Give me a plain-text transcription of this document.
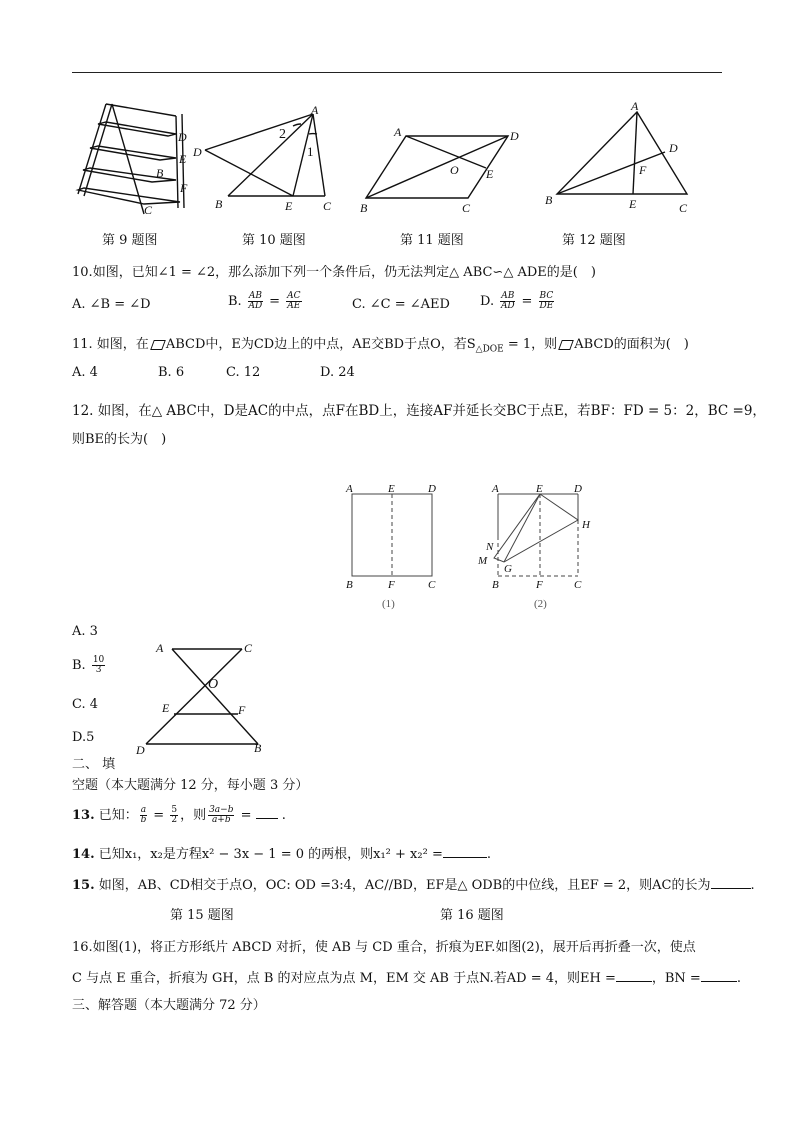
D
E
B
F
C
第 9 题图
A
2
1
D
B	E	C
第 10 题图
A	D
O E
B	C
第 11 题图
A
D
F
B	E	C
第 12 题图
10.如图，已知∠1 = ∠2，那么添加下列一个条件后，仍无法判定△ ABC∽△ ADE的是(　)
A. ∠B = ∠D	B. $\frac{AB}{AD} = \frac{AC}{AE}$	C. ∠C = ∠AED D. $\frac{AB}{AD} = \frac{BC}{DE}$
11. 如图，在 ABCD中，E为CD边上的中点，AE交BD于点O，若$S_{\triangle DOE} = 1$，则 ABCD的面积为(　)
A. 4	B. 6	C. 12	D. 24
12. 如图，在△ ABC中，D是AC的中点，点F在BD上，连接AF并延长交BC于点E，若BF：FD = 5：2，BC =9，
则BE的长为(　)
A	E	D
B	F	C
(1)
A	E	D
H
N
M
G
B	F	C
(2)
A. 3
B. $\frac{10}{3}$
C. 4
D.5
A	C
O
E	F
D	B
二、 填
空题（本大题满分 12 分，每小题 3 分）
13. 已知： $\frac{a}{b} = \frac{5}{2}$ ，则 $\frac{3a-b}{a+b}$ =  .
14. 已知x₁，x₂是方程x² − 3x − 1 = 0 的两根，则x₁² + x₂² =	.
15. 如图，AB、CD相交于点O，OC: OD =3:4，AC//BD，EF是△ ODB的中位线，且EF = 2，则AC的长为	.
第 15 题图	第 16 题图
16.如图(1)，将正方形纸片 ABCD 对折，使 AB 与 CD 重合，折痕为EF.如图(2)，展开后再折叠一次，使点
C 与点 E 重合，折痕为 GH，点 B 的对应点为点 M，EM 交 AB 于点N.若AD = 4，则EH =	，BN =	.
三、解答题（本大题满分 72 分）
